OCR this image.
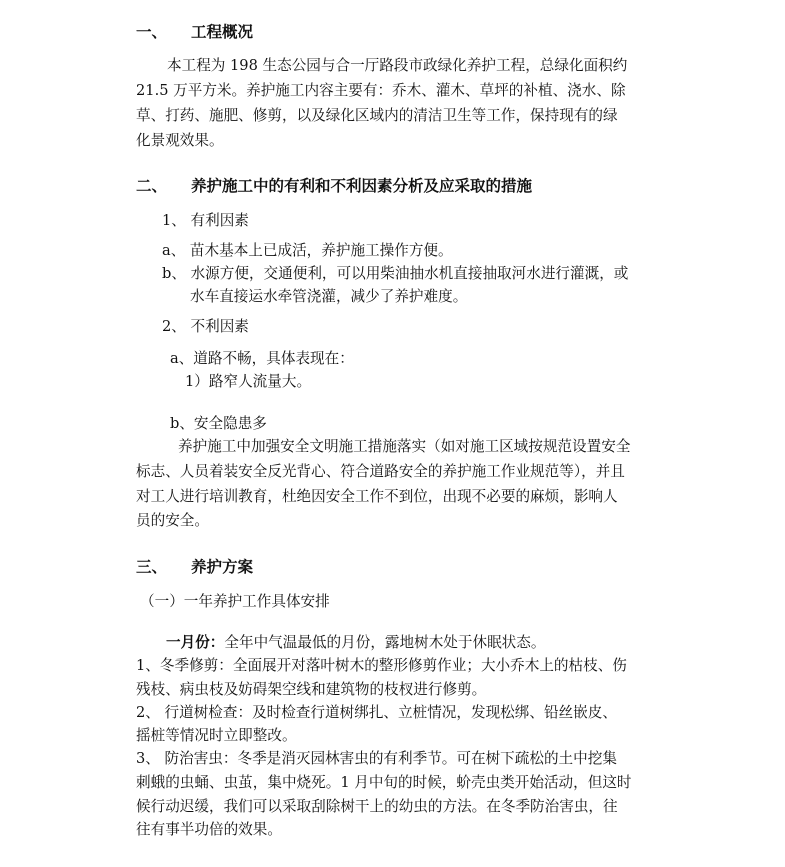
一、 工程概况
本工程为 198 生态公园与合一厅路段市政绿化养护工程，总绿化面积约
21.5 万平方米。养护施工内容主要有：乔木、灌木、草坪的补植、浇水、除
草、打药、施肥、修剪，以及绿化区域内的清洁卫生等工作，保持现有的绿
化景观效果。
二、 养护施工中的有利和不利因素分析及应采取的措施
1、 有利因素
a、 苗木基本上已成活，养护施工操作方便。
b、 水源方便，交通便利，可以用柴油抽水机直接抽取河水进行灌溉，或
水车直接运水牵管浇灌，减少了养护难度。
2、 不利因素
a、道路不畅，具体表现在：
1）路窄人流量大。
b、安全隐患多
养护施工中加强安全文明施工措施落实（如对施工区域按规范设置安全
标志、人员着装安全反光背心、符合道路安全的养护施工作业规范等），并且
对工人进行培训教育，杜绝因安全工作不到位，出现不必要的麻烦，影响人
员的安全。
三、 养护方案
（一）一年养护工作具体安排
一月份：全年中气温最低的月份，露地树木处于休眠状态。
1、冬季修剪：全面展开对落叶树木的整形修剪作业；大小乔木上的枯枝、伤
残枝、病虫枝及妨碍架空线和建筑物的枝杈进行修剪。
2、 行道树检查：及时检查行道树绑扎、立桩情况，发现松绑、铅丝嵌皮、
摇桩等情况时立即整改。
3、 防治害虫：冬季是消灭园林害虫的有利季节。可在树下疏松的土中挖集
刺蛾的虫蛹、虫茧，集中烧死。1 月中旬的时候，蚧壳虫类开始活动，但这时
候行动迟缓，我们可以采取刮除树干上的幼虫的方法。在冬季防治害虫，往
往有事半功倍的效果。
